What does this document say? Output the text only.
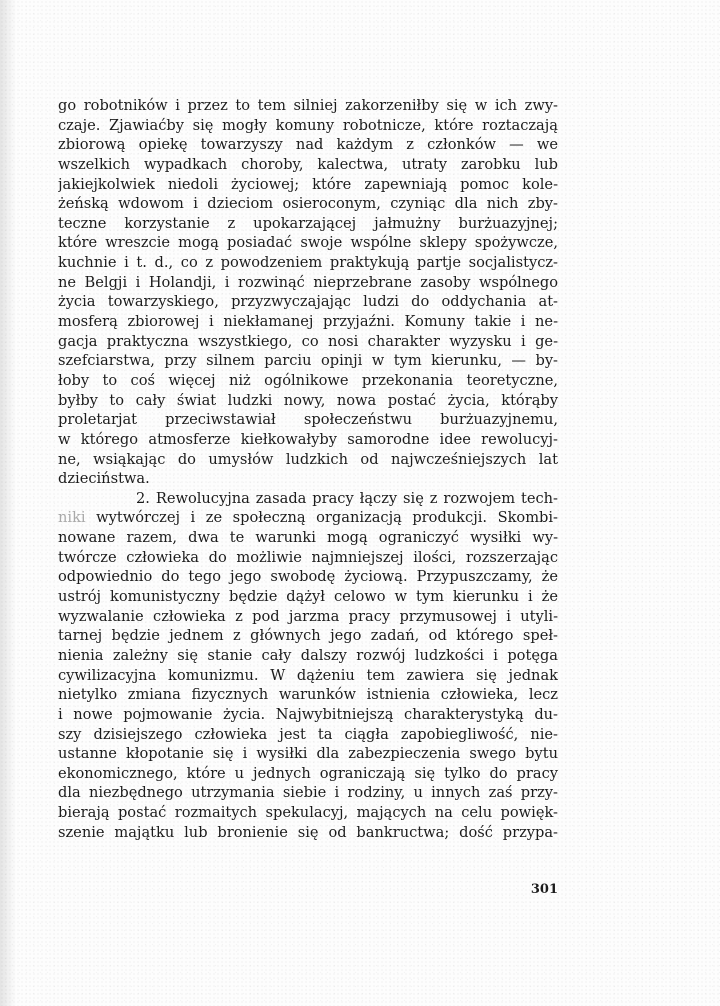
go robotników i przez to tem silniej zakorzeniłby się w ich zwy-
czaje. Zjawiaćby się mogły komuny robotnicze, które roztaczają
zbiorową opiekę towarzyszy nad każdym z członków — we
wszelkich wypadkach choroby, kalectwa, utraty zarobku lub
jakiejkolwiek niedoli życiowej; które zapewniają pomoc kole-
żeńską wdowom i dzieciom osieroconym, czyniąc dla nich zby-
teczne korzystanie z upokarzającej jałmużny burżuazyjnej;
które wreszcie mogą posiadać swoje wspólne sklepy spożywcze,
kuchnie i t. d., co z powodzeniem praktykują partje socjalistycz-
ne Belgji i Holandji, i rozwinąć nieprzebrane zasoby wspólnego
życia towarzyskiego, przyzwyczajając ludzi do oddychania at-
mosferą zbiorowej i niekłamanej przyjaźni. Komuny takie i ne-
gacja praktyczna wszystkiego, co nosi charakter wyzysku i ge-
szefciarstwa, przy silnem parciu opinji w tym kierunku, — by-
łoby to coś więcej niż ogólnikowe przekonania teoretyczne,
byłby to cały świat ludzki nowy, nowa postać życia, którąby
proletarjat przeciwstawiał społeczeństwu burżuazyjnemu,
w którego atmosferze kiełkowałyby samorodne idee rewolucyj-
ne, wsiąkając do umysłów ludzkich od najwcześniejszych lat
dzieciństwa.
2. Rewolucyjna zasada pracy łączy się z rozwojem tech-
niki wytwórczej i ze społeczną organizacją produkcji. Skombi-
nowane razem, dwa te warunki mogą ograniczyć wysiłki wy-
twórcze człowieka do możliwie najmniejszej ilości, rozszerzając
odpowiednio do tego jego swobodę życiową. Przypuszczamy, że
ustrój komunistyczny będzie dążył celowo w tym kierunku i że
wyzwalanie człowieka z pod jarzma pracy przymusowej i utyli-
tarnej będzie jednem z głównych jego zadań, od którego speł-
nienia zależny się stanie cały dalszy rozwój ludzkości i potęga
cywilizacyjna komunizmu. W dążeniu tem zawiera się jednak
nietylko zmiana fizycznych warunków istnienia człowieka, lecz
i nowe pojmowanie życia. Najwybitniejszą charakterystyką du-
szy dzisiejszego człowieka jest ta ciągła zapobiegliwość, nie-
ustanne kłopotanie się i wysiłki dla zabezpieczenia swego bytu
ekonomicznego, które u jednych ograniczają się tylko do pracy
dla niezbędnego utrzymania siebie i rodziny, u innych zaś przy-
bierają postać rozmaitych spekulacyj, mających na celu powięk-
szenie majątku lub bronienie się od bankructwa; dość przypa-
301
